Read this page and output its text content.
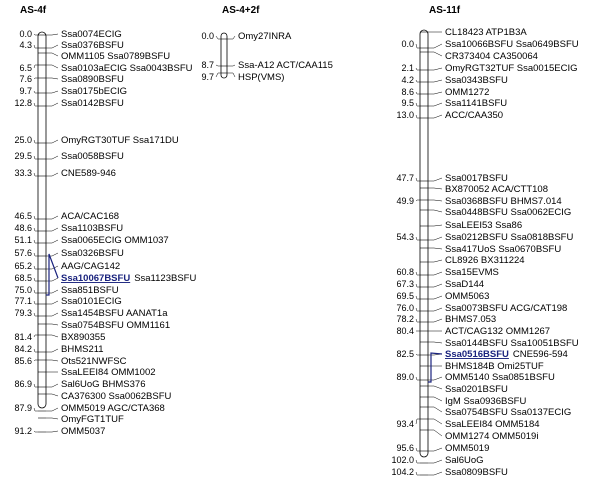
AS-4f
0.0	Ssa0074ECIG
4.3	Ssa0376BSFU
OMM1105 Ssa0789BSFU
6.5	Ssa0103aECIG Ssa0043BSFU
7.6	Ssa0890BSFU
9.7	Ssa0175bECIG
12.8	Ssa0142BSFU
25.0	OmyRGT30TUF Ssa171DU
29.5	Ssa0058BSFU
33.3	CNE589-946
46.5	ACA/CAC168
48.6	Ssa1103BSFU
51.1	Ssa0065ECIG OMM1037
57.6	Ssa0326BSFU
65.2	AAG/CAG142
68.5	Ssa10067BSFU Ssa1123BSFU
75.0	Ssa851BSFU
77.1	Ssa0101ECIG
79.3	Ssa1454BSFU AANAT1a
Ssa0754BSFU OMM1161
81.4	BX890355
84.2	BHMS211
85.6	Ots521NWFSC
SsaLEEI84 OMM1002
86.9	Sal6UoG BHMS376
CA376300 Ssa0062BSFU
87.9	OMM5019 AGC/CTA368
OmyFGT1TUF
91.2	OMM5037
AS-4+2f
0.0	Omy27INRA
8.7	Ssa-A12 ACT/CAA115
9.7	HSP(VMS)
AS-11f
CL18423 ATP1B3A
0.0	Ssa10066BSFU Ssa0649BSFU
CR373404 CA350064
2.1	OmyRGT32TUF Ssa0015ECIG
4.2	Ssa0343BSFU
8.6	OMM1272
9.5	Ssa1141BSFU
13.0	ACC/CAA350
47.7	Ssa0017BSFU
BX870052 ACA/CTT108
49.9	Ssa0368BSFU BHMS7.014
Ssa0448BSFU Ssa0062ECIG
SsaLEEI53 Ssa86
54.3	Ssa0212BSFU Ssa0818BSFU
Ssa417UoS Ssa0670BSFU
CL8926 BX311224
60.8	Ssa15EVMS
67.3	SsaD144
69.5	OMM5063
76.0	Ssa0073BSFU ACG/CAT198
78.2	BHMS7.053
80.4	ACT/CAG132 OMM1267
Ssa0144BSFU Ssa10051BSFU
82.5	Ssa0516BSFU CNE596-594
BHMS184B Omi25TUF
89.0	OMM5140 Ssa0851BSFU
Ssa0201BSFU
IgM Ssa0936BSFU
Ssa0754BSFU Ssa0137ECIG
93.4	SsaLEEI84 OMM5184
OMM1274 OMM5019i
95.6	OMM5019
102.0	Sal6UoG
104.2	Ssa0809BSFU
